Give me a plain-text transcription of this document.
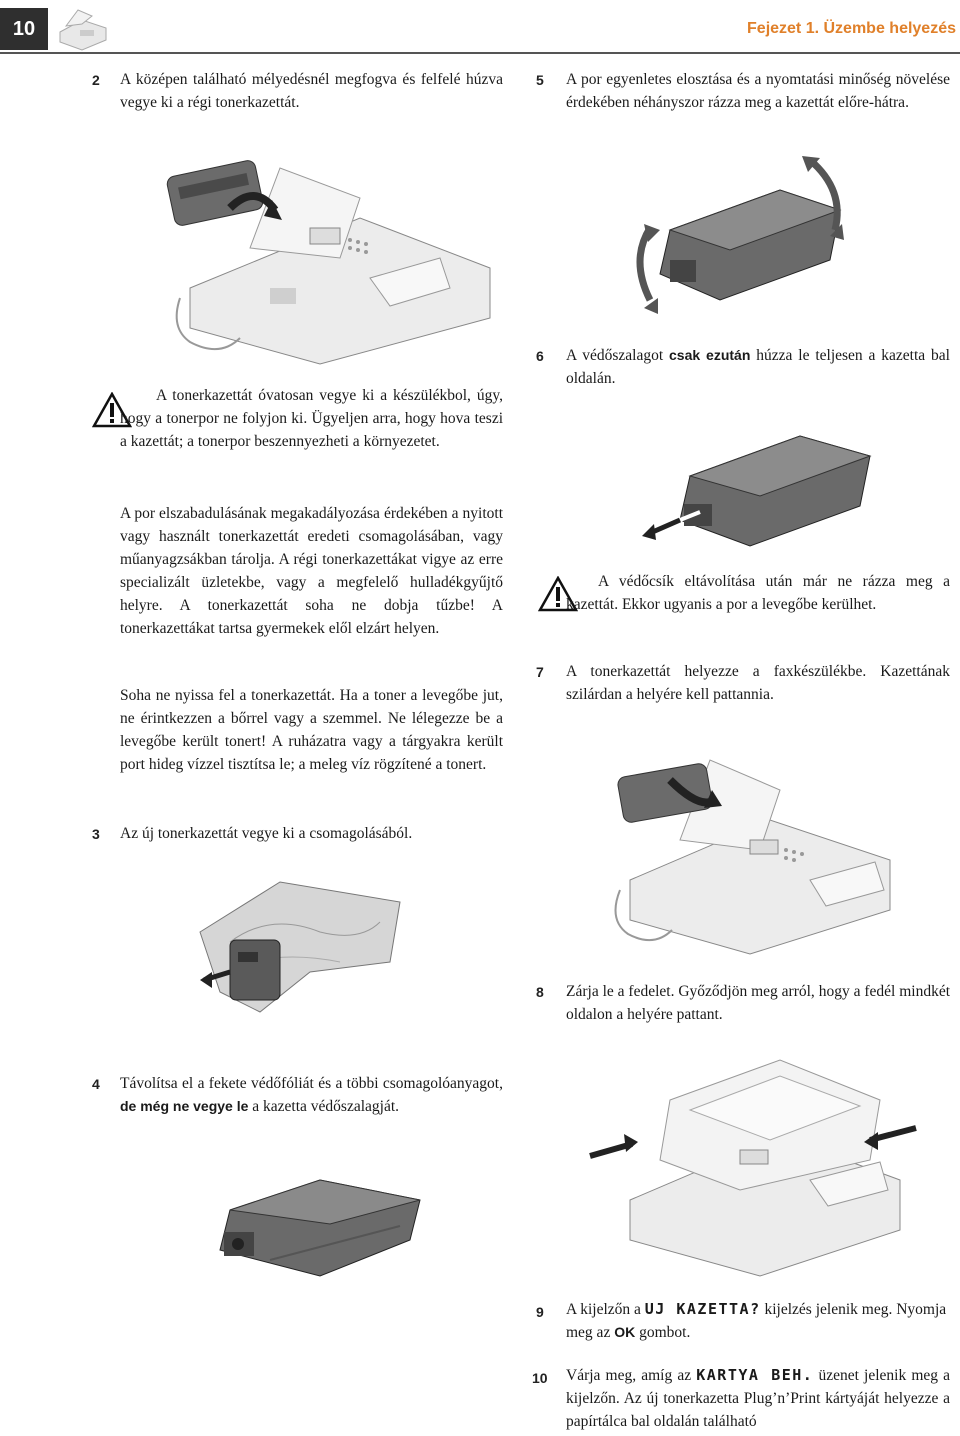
10	Fejezet 1. Üzembe helyezés
2 A középen található mélyedésnél megfogva és felfelé húzva vegye ki a régi tonerkazettát.

A tonerkazettát óvatosan vegye ki a készülékbol, úgy, hogy a tonerpor ne folyjon ki. Ügyeljen arra, hogy hova teszi a kazettát; a tonerpor beszennyezheti a környezetet.

A por elszabadulásának megakadályozása érdekében a nyitott vagy használt tonerkazettát eredeti csomagolásában, vagy műanyagzsákban tárolja. A régi tonerkazettákat vigye az erre specializált üzletekbe, vagy a megfelelő hulladékgyűjtő helyre. A tonerkazettát soha ne dobja tűzbe! A tonerkazettákat tartsa gyermekek elől elzárt helyen.

Soha ne nyissa fel a tonerkazettát. Ha a toner a levegőbe jut, ne érintkezzen a bőrrel vagy a szemmel. Ne lélegezze be a levegőbe került tonert! A ruházatra vagy a tárgyakra került port hideg vízzel tisztítsa le; a meleg víz rögzítené a tonert.

3 Az új tonerkazettát vegye ki a csomagolásából.

4 Távolítsa el a fekete védőfóliát és a többi csomagolóanyagot, de még ne vegye le a kazetta védőszalagját.

5 A por egyenletes elosztása és a nyomtatási minőség növelése érdekében néhányszor rázza meg a kazettát előre-hátra.

6 A védőszalagot csak ezután húzza le teljesen a kazetta bal oldalán.

A védőcsík eltávolítása után már ne rázza meg a kazettát. Ekkor ugyanis a por a levegőbe kerülhet.

7 A tonerkazettát helyezze a faxkészülékbe. Kazettának szilárdan a helyére kell pattannia.

8 Zárja le a fedelet. Győződjön meg arról, hogy a fedél mindkét oldalon a helyére pattant.

9 A kijelzőn a UJ KAZETTA? kijelzés jelenik meg. Nyomja meg az OK gombot.

10 Várja meg, amíg az KARTYA BEH. üzenet jelenik meg a kijelzőn. Az új tonerkazetta Plug’n’Print kártyáját helyezze a papírtálca bal oldalán található
